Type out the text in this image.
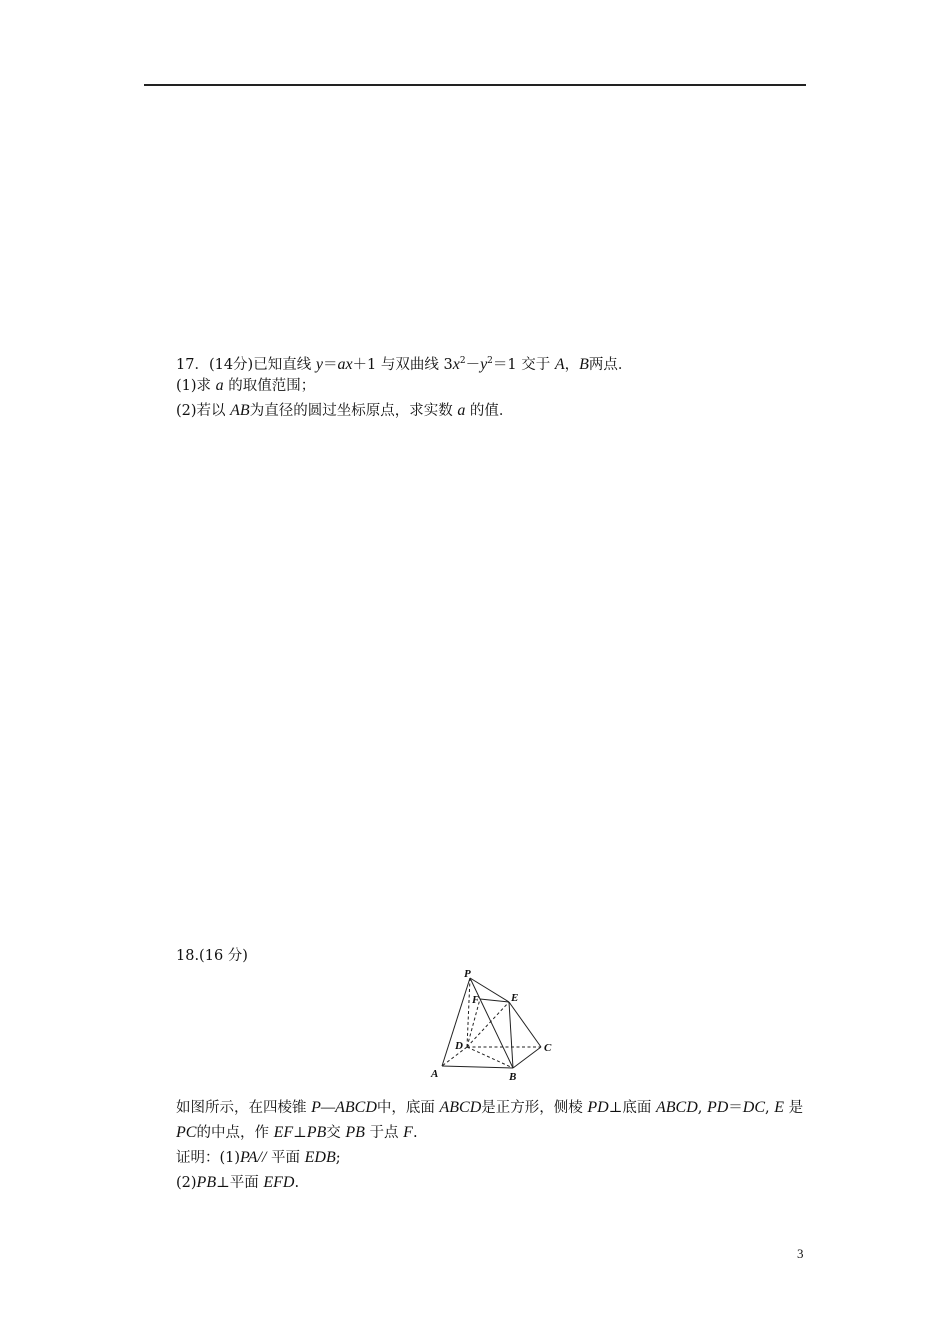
17．(14分)已知直线 y＝ax＋1 与双曲线 $3x^2-y^2=1$ 交于 A，B两点．
(1)求 a 的取值范围；
(2)若以 AB为直径的圆过坐标原点，求实数 a 的值．
18.(16 分)
P
F	E
D	C
A	B
如图所示，在四棱锥 P—ABCD中，底面 ABCD是正方形，侧棱 PD⊥底面 ABCD, PD＝DC, E 是
PC的中点，作 EF⊥PB交 PB 于点 F.
证明：(1)PA// 平面 EDB;
(2)PB⊥平面 EFD.
3
